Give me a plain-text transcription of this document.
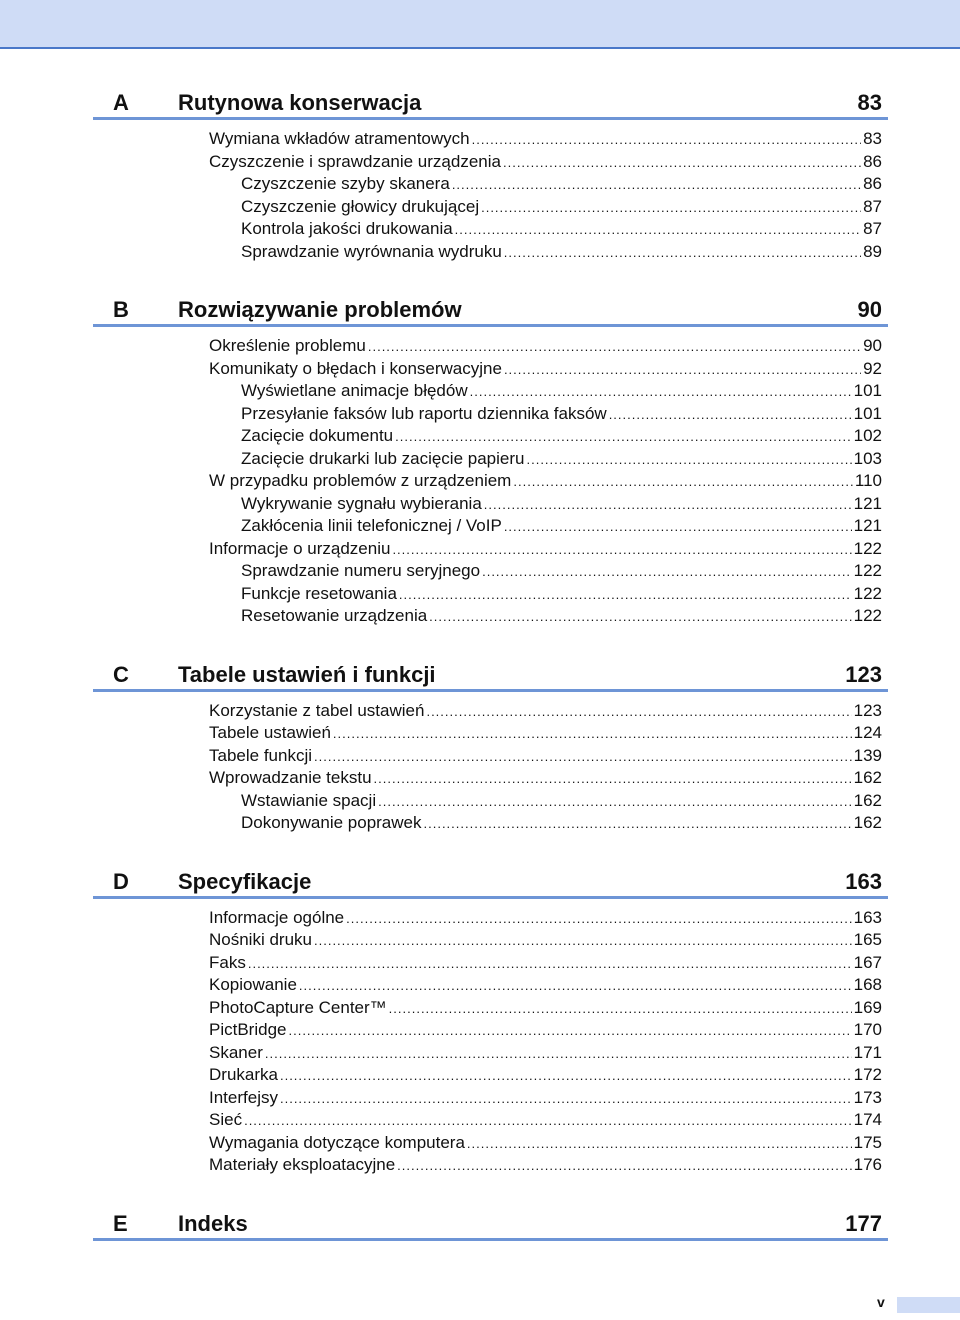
A	Rutynowa konserwacja	83
Wymiana wkładów atramentowych .....	83
Czyszczenie i sprawdzanie urządzenia .....	86
Czyszczenie szyby skanera .....	86
Czyszczenie głowicy drukującej .....	87
Kontrola jakości drukowania .....	87
Sprawdzanie wyrównania wydruku .....	89
B	Rozwiązywanie problemów	90
Określenie problemu .....	90
Komunikaty o błędach i konserwacyjne .....	92
Wyświetlane animacje błędów .....	101
Przesyłanie faksów lub raportu dziennika faksów .....	101
Zacięcie dokumentu .....	102
Zacięcie drukarki lub zacięcie papieru .....	103
W przypadku problemów z urządzeniem .....	110
Wykrywanie sygnału wybierania .....	121
Zakłócenia linii telefonicznej / VoIP .....	121
Informacje o urządzeniu .....	122
Sprawdzanie numeru seryjnego .....	122
Funkcje resetowania .....	122
Resetowanie urządzenia .....	122
C	Tabele ustawień i funkcji	123
Korzystanie z tabel ustawień .....	123
Tabele ustawień .....	124
Tabele funkcji .....	139
Wprowadzanie tekstu .....	162
Wstawianie spacji .....	162
Dokonywanie poprawek .....	162
D	Specyfikacje	163
Informacje ogólne .....	163
Nośniki druku .....	165
Faks .....	167
Kopiowanie .....	168
PhotoCapture Center™ .....	169
PictBridge .....	170
Skaner .....	171
Drukarka .....	172
Interfejsy .....	173
Sieć .....	174
Wymagania dotyczące komputera .....	175
Materiały eksploatacyjne .....	176
E	Indeks	177
v
